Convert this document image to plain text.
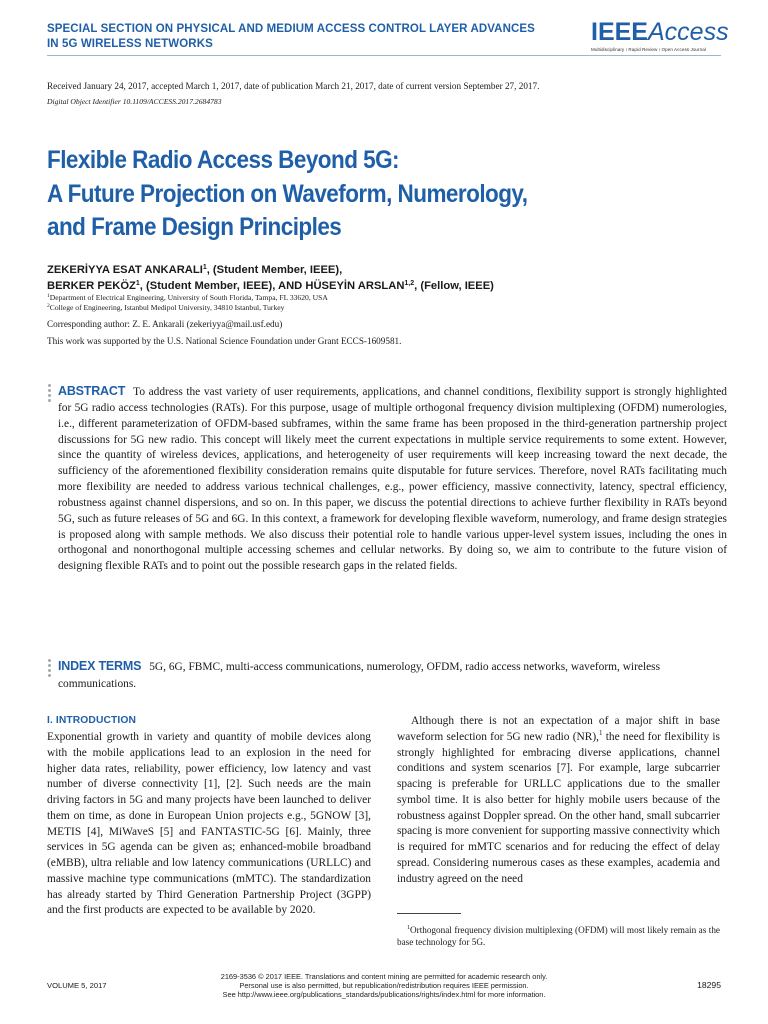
SPECIAL SECTION ON PHYSICAL AND MEDIUM ACCESS CONTROL LAYER ADVANCES
IN 5G WIRELESS NETWORKS	IEEEAccess
Multidisciplinary ⁝ Rapid Review ⁝ Open Access Journal
Received January 24, 2017, accepted March 1, 2017, date of publication March 21, 2017, date of current version September 27, 2017.
Digital Object Identifier 10.1109/ACCESS.2017.2684783
Flexible Radio Access Beyond 5G:
A Future Projection on Waveform, Numerology,
and Frame Design Principles
ZEKERİYYA ESAT ANKARALI$^1$, (Student Member, IEEE),
BERKER PEKÖZ$^1$, (Student Member, IEEE), AND HÜSEYİN ARSLAN$^{1,2}$, (Fellow, IEEE)
$^1$Department of Electrical Engineering, University of South Florida, Tampa, FL 33620, USA
$^2$College of Engineering, Istanbul Medipol University, 34810 Istanbul, Turkey
Corresponding author: Z. E. Ankarali (zekeriyya@mail.usf.edu)
This work was supported by the U.S. National Science Foundation under Grant ECCS-1609581.
ABSTRACT To address the vast variety of user requirements, applications, and channel conditions, flexibility support is strongly highlighted for 5G radio access technologies (RATs). For this purpose, usage of multiple orthogonal frequency division multiplexing (OFDM) numerologies, i.e., different parameterization of OFDM-based subframes, within the same frame has been proposed in the third-generation partnership project discussions for 5G new radio. This concept will likely meet the current expectations in multiple service requirements to some extent. However, since the quantity of wireless devices, applications, and heterogeneity of user requirements will keep increasing toward the next decade, the sufficiency of the aforementioned flexibility consideration remains quite disputable for future services. Therefore, novel RATs facilitating much more flexibility are needed to address various technical challenges, e.g., power efficiency, massive connectivity, latency, spectral efficiency, robustness against channel dispersions, and so on. In this paper, we discuss the potential directions to achieve further flexibility in RATs beyond 5G, such as future releases of 5G and 6G. In this context, a framework for developing flexible waveform, numerology, and frame design strategies is proposed along with sample methods. We also discuss their potential role to handle various upper-level system issues, including the ones in orthogonal and nonorthogonal multiple accessing schemes and cellular networks. By doing so, we aim to contribute to the future vision of designing flexible RATs and to point out the possible research gaps in the related fields.
INDEX TERMS 5G, 6G, FBMC, multi-access communications, numerology, OFDM, radio access networks, waveform, wireless communications.
I. INTRODUCTION
Exponential growth in variety and quantity of mobile devices along with the mobile applications lead to an explosion in the need for higher data rates, reliability, power efficiency, low latency and vast number of diverse connectivity [1], [2]. Such needs are the main driving factors in 5G and many projects have been launched to deliver them on time, as done in European Union projects e.g., 5GNOW [3], METIS [4], MiWaveS [5] and FANTASTIC-5G [6]. Mainly, three services in 5G agenda can be given as; enhanced-mobile broadband (eMBB), ultra reliable and low latency communications (URLLC) and massive machine type communications (mMTC). The standardization has already started by Third Generation Partnership Project (3GPP) and the first products are expected to be available by 2020.
Although there is not an expectation of a major shift in base waveform selection for 5G new radio (NR),$^1$ the need for flexibility is strongly highlighted for embracing diverse applications, channel conditions and system scenarios [7]. For example, large subcarrier spacing is preferable for URLLC applications due to the smaller symbol time. It is also better for highly mobile users because of the robustness against Doppler spread. On the other hand, small subcarrier spacing is more convenient for supporting massive connectivity which is required for mMTC scenarios and for reducing the effect of delay spread. Considering numerous cases as these examples, academia and industry agreed on the need
$^1$Orthogonal frequency division multiplexing (OFDM) will most likely remain as the base technology for 5G.
VOLUME 5, 2017
2169-3536 © 2017 IEEE. Translations and content mining are permitted for academic research only.
Personal use is also permitted, but republication/redistribution requires IEEE permission.
See http://www.ieee.org/publications_standards/publications/rights/index.html for more information.
18295
